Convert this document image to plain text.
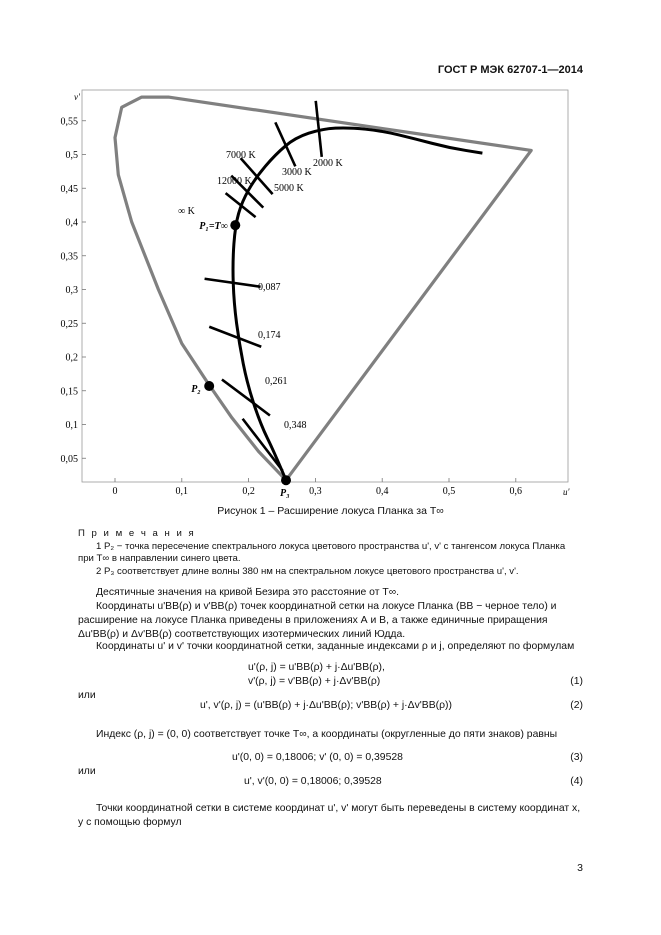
ГОСТ Р МЭК 62707-1—2014
0	0,1	0,2	0,3	0,4	0,5	0,6
0,05
0,1
0,15
0,2
0,25
0,3
0,35
0,4
0,45
0,5
0,55
2000 K
3000 K
5000 K
7000 K
12000 K
0,087
0,174
0,261
0,348
P₁=T∞
P₂
P₃
v'
u'
∞ K
Рисунок 1 – Расширение локуса Планка за T∞
П р и м е ч а н и я
1 P₂ − точка пересечение спектрального локуса цветового пространства u', v' с тангенсом локуса Планка при T∞ в направлении синего цвета.
2 P₃ соответствует длине волны 380 нм на спектральном локусе цветового пространства u', v'.
Десятичные значения на кривой Безира это расстояние от T∞.
Координаты u'BB(ρ) и v'BB(ρ) точек координатной сетки на локусе Планка (BB − черное тело) и расширение на локусе Планка приведены в приложениях А и В, а также единичные приращения Δu'BB(ρ) и Δv'BB(ρ) соответствующих изотермических линий Юдда.
Координаты u' и v' точки координатной сетки, заданные индексами ρ и j, определяют по формулам
u'(ρ, j) = u'BB(ρ) + j·Δu'BB(ρ),
v'(ρ, j) = v'BB(ρ) + j·Δv'BB(ρ)	(1)
или
u', v'(ρ, j) = (u'BB(ρ) + j·Δu'BB(ρ); v'BB(ρ) + j·Δv'BB(ρ))	(2)
Индекс (ρ, j) = (0, 0) соответствует точке T∞, а координаты (округленные до пяти знаков) равны
u'(0, 0) = 0,18006; v' (0, 0) = 0,39528	(3)
или
u', v'(0, 0) = 0,18006; 0,39528	(4)
Точки координатной сетки в системе координат u', v' могут быть переведены в систему координат x, y с помощью формул
3
